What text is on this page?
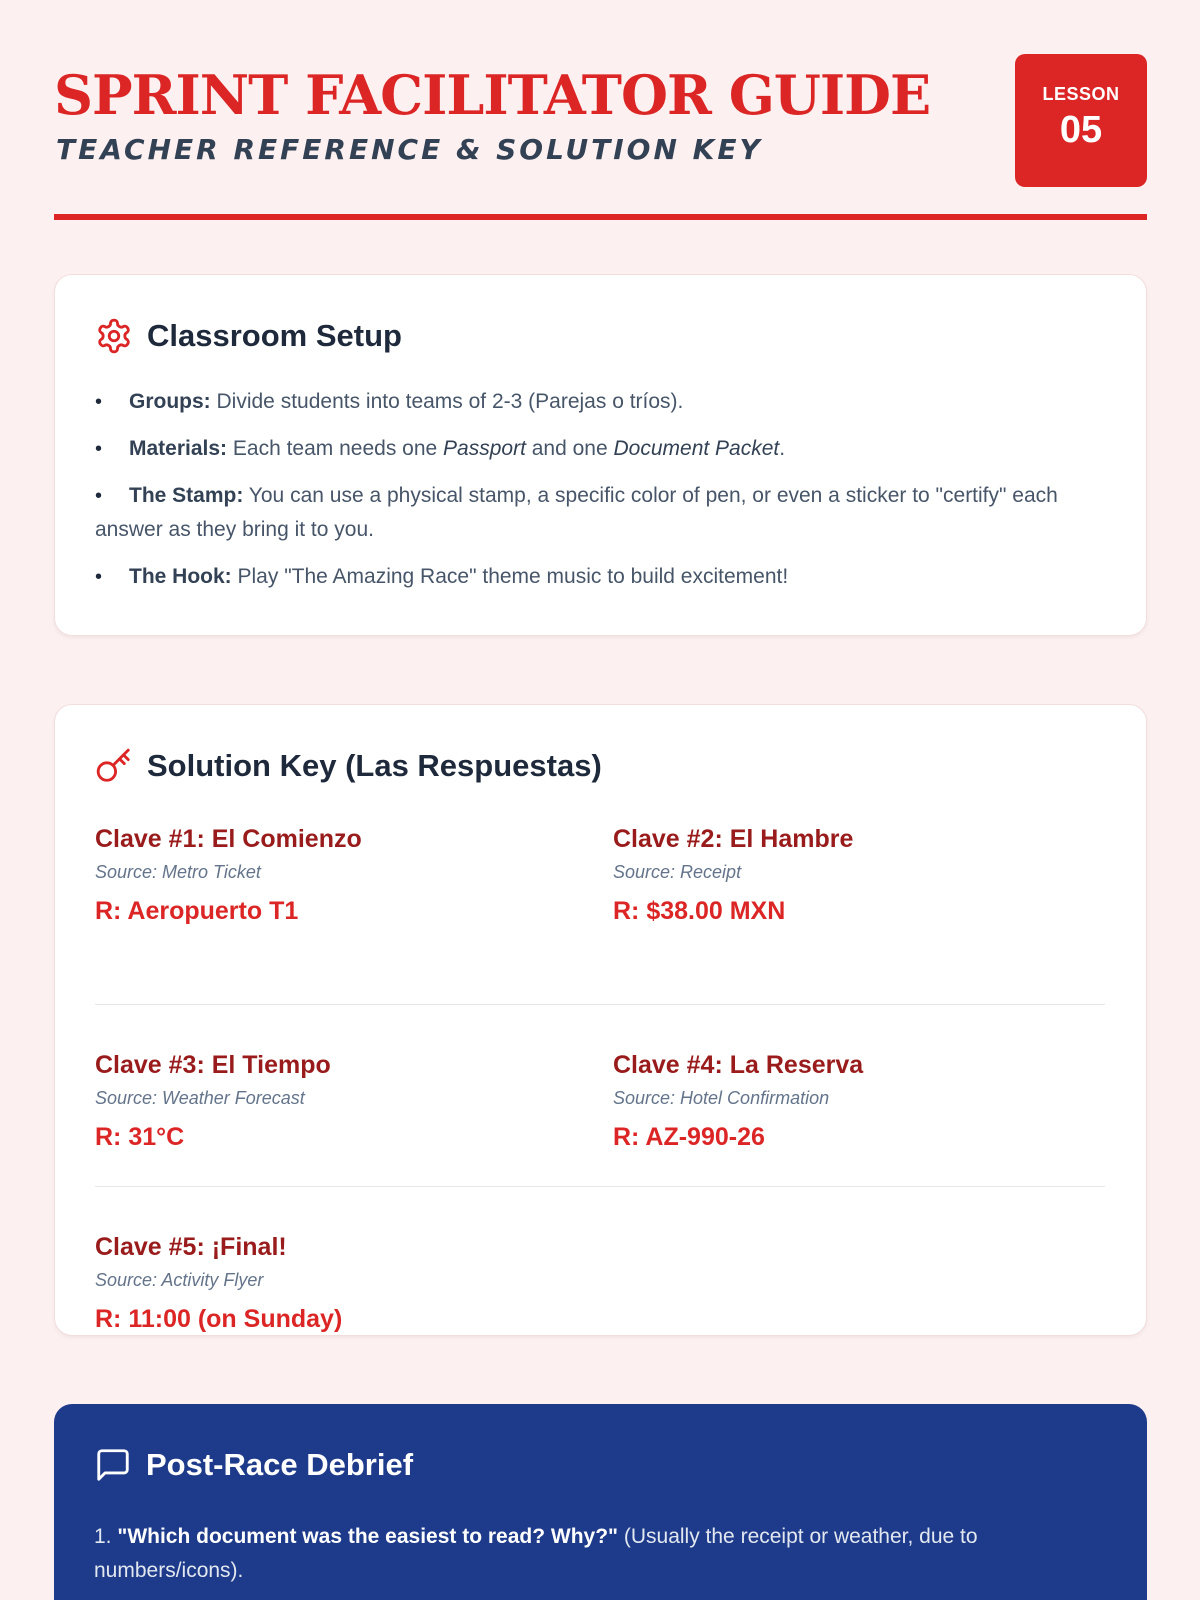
SPRINT FACILITATOR GUIDE
TEACHER REFERENCE & SOLUTION KEY
LESSON
05
Classroom Setup
• Groups: Divide students into teams of 2-3 (Parejas o tríos).
• Materials: Each team needs one Passport and one Document Packet.
• The Stamp: You can use a physical stamp, a specific color of pen, or even a sticker to "certify" each answer as they bring it to you.
• The Hook: Play "The Amazing Race" theme music to build excitement!
Solution Key (Las Respuestas)
Clave #1: El Comienzo
Source: Metro Ticket
R: Aeropuerto T1
Clave #2: El Hambre
Source: Receipt
R: $38.00 MXN
Clave #3: El Tiempo
Source: Weather Forecast
R: 31°C
Clave #4: La Reserva
Source: Hotel Confirmation
R: AZ-990-26
Clave #5: ¡Final!
Source: Activity Flyer
R: 11:00 (on Sunday)
Post-Race Debrief
1. "Which document was the easiest to read? Why?" (Usually the receipt or weather, due to numbers/icons).
